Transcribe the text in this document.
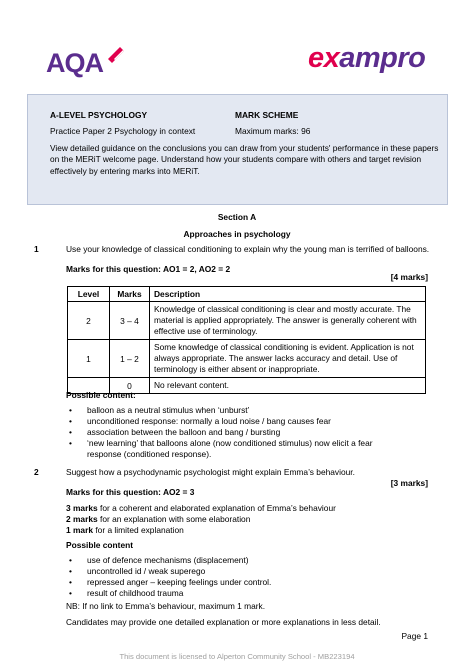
AQA	exampro
A-LEVEL PSYCHOLOGY	MARK SCHEME
Practice Paper 2 Psychology in context	Maximum marks: 96
View detailed guidance on the conclusions you can draw from your students' performance in these papers on the MERiT welcome page. Understand how your students compare with others and target revision effectively by entering marks into MERiT.
Section A
Approaches in psychology
1	Use your knowledge of classical conditioning to explain why the young man is terrified of balloons.
Marks for this question: AO1 = 2, AO2 = 2
[4 marks]
Level	Marks	Description
2	3 – 4	Knowledge of classical conditioning is clear and mostly accurate. The material is applied appropriately. The answer is generally coherent with effective use of terminology.
1	1 – 2	Some knowledge of classical conditioning is evident. Application is not always appropriate. The answer lacks accuracy and detail. Use of terminology is either absent or inappropriate.
	0	No relevant content.
Possible content:
• balloon as a neutral stimulus when ‘unburst’
• unconditioned response: normally a loud noise / bang causes fear
• association between the balloon and bang / bursting
• ‘new learning’ that balloons alone (now conditioned stimulus) now elicit a fear
response (conditioned response).
2	Suggest how a psychodynamic psychologist might explain Emma’s behaviour.
[3 marks]
Marks for this question: AO2 = 3
3 marks for a coherent and elaborated explanation of Emma’s behaviour
2 marks for an explanation with some elaboration
1 mark for a limited explanation
Possible content
• use of defence mechanisms (displacement)
• uncontrolled id / weak superego
• repressed anger – keeping feelings under control.
• result of childhood trauma
NB: If no link to Emma’s behaviour, maximum 1 mark.
Candidates may provide one detailed explanation or more explanations in less detail.
Page 1
This document is licensed to Alperton Community School - MB223194
